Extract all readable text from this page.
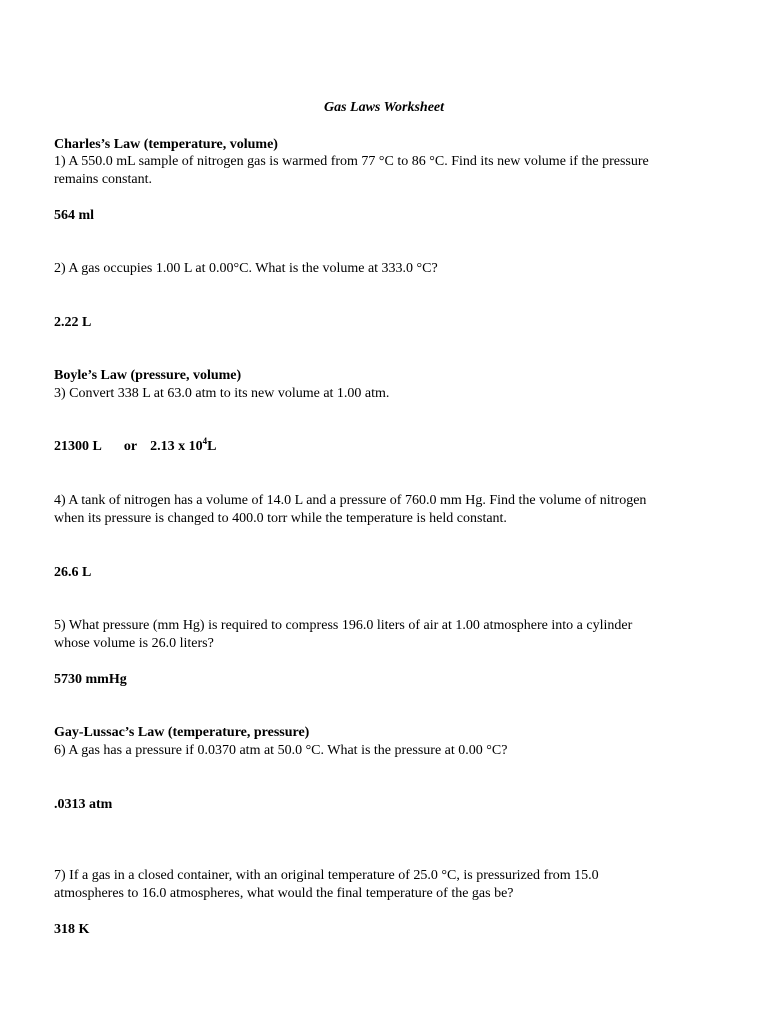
Gas Laws Worksheet
Charles’s Law (temperature, volume)
1) A 550.0 mL sample of nitrogen gas is warmed from 77 °C to 86 °C. Find its new volume if the pressure
remains constant.
564 ml
2) A gas occupies 1.00 L at 0.00°C. What is the volume at 333.0 °C?
2.22 L
Boyle’s Law (pressure, volume)
3) Convert 338 L at 63.0 atm to its new volume at 1.00 atm.
21300 L or 2.13 x $10^4L$
4) A tank of nitrogen has a volume of 14.0 L and a pressure of 760.0 mm Hg. Find the volume of nitrogen
when its pressure is changed to 400.0 torr while the temperature is held constant.
26.6 L
5) What pressure (mm Hg) is required to compress 196.0 liters of air at 1.00 atmosphere into a cylinder
whose volume is 26.0 liters?
5730 mmHg
Gay-Lussac’s Law (temperature, pressure)
6) A gas has a pressure if 0.0370 atm at 50.0 °C. What is the pressure at 0.00 °C?
.0313 atm
7) If a gas in a closed container, with an original temperature of 25.0 °C, is pressurized from 15.0
atmospheres to 16.0 atmospheres, what would the final temperature of the gas be?
318 K
